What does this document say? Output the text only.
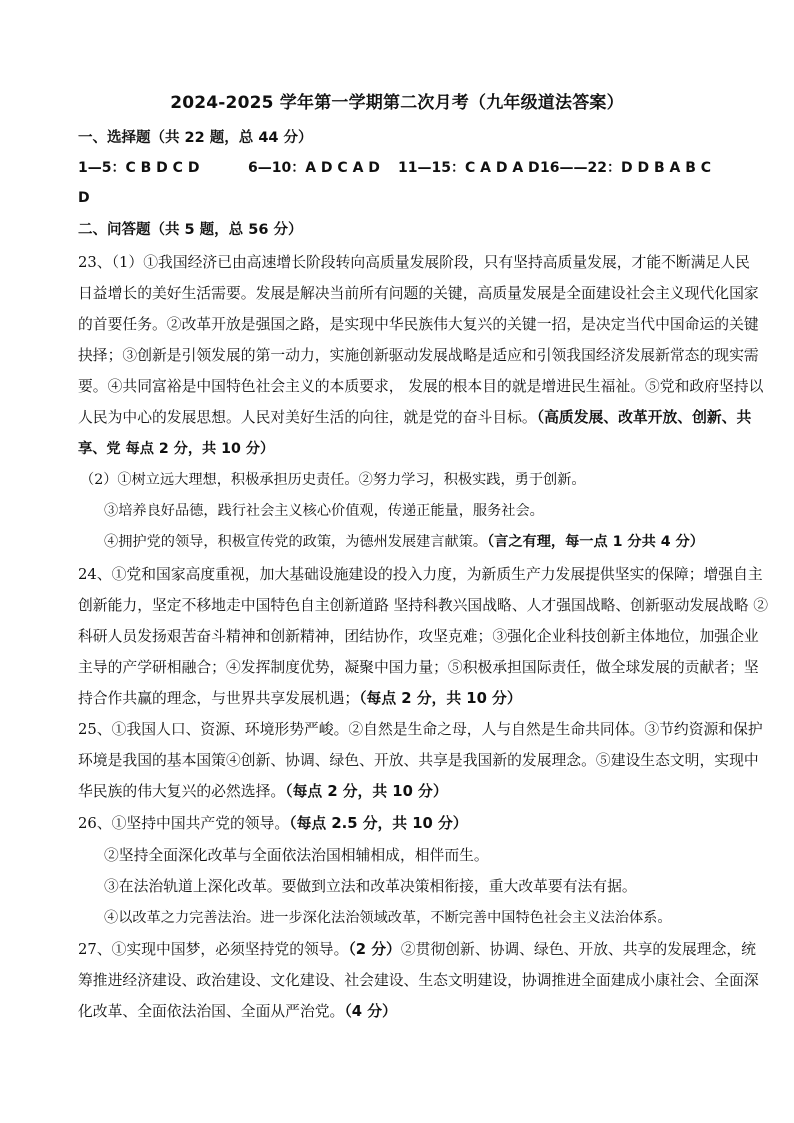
2024-2025 学年第一学期第二次月考（九年级道法答案）
一、选择题（共 22 题，总 44 分）
1—5：C B D C D	6—10：A D C A D 11—15：C A D A D16——22：D D B A B C
D
二、问答题（共 5 题，总 56 分）
23、（1）①我国经济已由高速增长阶段转向高质量发展阶段，只有坚持高质量发展，才能不断满足人民
日益增长的美好生活需要。发展是解决当前所有问题的关键，高质量发展是全面建设社会主义现代化国家
的首要任务。②改革开放是强国之路，是实现中华民族伟大复兴的关键一招，是决定当代中国命运的关键
抉择；③创新是引领发展的第一动力，实施创新驱动发展战略是适应和引领我国经济发展新常态的现实需
要。④共同富裕是中国特色社会主义的本质要求， 发展的根本目的就是增进民生福祉。⑤党和政府坚持以
人民为中心的发展思想。人民对美好生活的向往，就是党的奋斗目标。（高质发展、改革开放、创新、共
享、党 每点 2 分，共 10 分）
（2）①树立远大理想，积极承担历史责任。②努力学习，积极实践，勇于创新。
③培养良好品德，践行社会主义核心价值观，传递正能量，服务社会。
④拥护党的领导，积极宣传党的政策，为德州发展建言献策。（言之有理，每一点 1 分共 4 分）
24、①党和国家高度重视，加大基础设施建设的投入力度，为新质生产力发展提供坚实的保障；增强自主
创新能力，坚定不移地走中国特色自主创新道路 坚持科教兴国战略、人才强国战略、创新驱动发展战略 ②
科研人员发扬艰苦奋斗精神和创新精神，团结协作，攻坚克难；③强化企业科技创新主体地位，加强企业
主导的产学研相融合；④发挥制度优势，凝聚中国力量；⑤积极承担国际责任，做全球发展的贡献者；坚
持合作共赢的理念，与世界共享发展机遇；（每点 2 分，共 10 分）
25、①我国人口、资源、环境形势严峻。②自然是生命之母，人与自然是生命共同体。③节约资源和保护
环境是我国的基本国策④创新、协调、绿色、开放、共享是我国新的发展理念。⑤建设生态文明，实现中
华民族的伟大复兴的必然选择。（每点 2 分，共 10 分）
26、①坚持中国共产党的领导。（每点 2.5 分，共 10 分）
②坚持全面深化改革与全面依法治国相辅相成，相伴而生。
③在法治轨道上深化改革。要做到立法和改革决策相衔接，重大改革要有法有据。
④以改革之力完善法治。进一步深化法治领域改革，不断完善中国特色社会主义法治体系。
27、①实现中国梦，必须坚持党的领导。（2 分）②贯彻创新、协调、绿色、开放、共享的发展理念，统
筹推进经济建设、政治建设、文化建设、社会建设、生态文明建设，协调推进全面建成小康社会、全面深
化改革、全面依法治国、全面从严治党。（4 分）
